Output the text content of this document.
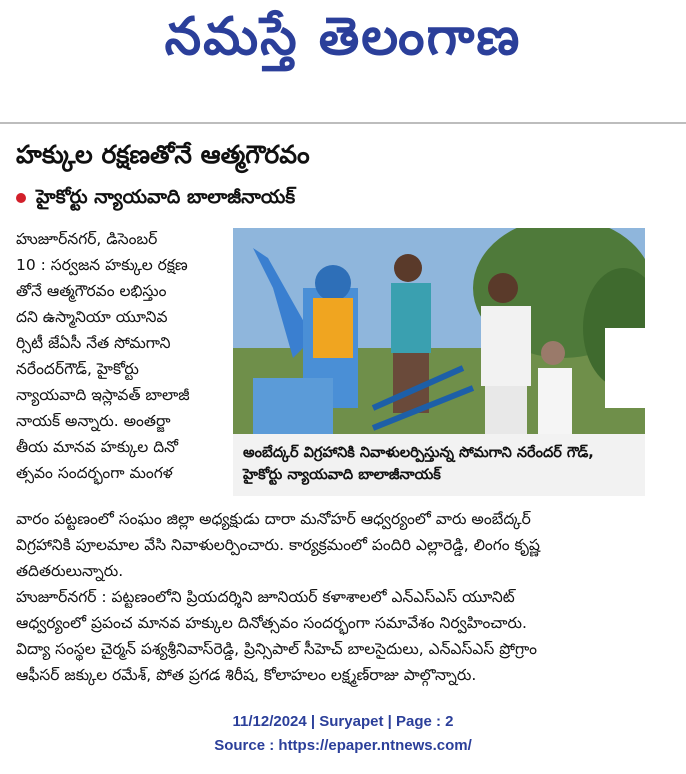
నమస్తే తెలంగాణ
హక్కుల రక్షణతోనే ఆత్మగౌరవం
హైకోర్టు న్యాయవాది బాలాజీనాయక్
హుజూర్‌నగర్, డిసెంబర్
10 : సర్వజన హక్కుల రక్షణ
తోనే ఆత్మగౌరవం లభిస్తుం
దని ఉస్మానియా యూనివ
ర్సిటీ జేఏసీ నేత సోమగాని
నరేందర్‌గౌడ్, హైకోర్టు
న్యాయవాది ఇస్లావత్ బాలాజీ
నాయక్ అన్నారు. అంతర్జా
తీయ మానవ హక్కుల దినో
త్సవం సందర్భంగా మంగళ
అంబేద్కర్ విగ్రహానికి నివాళులర్పిస్తున్న సోమగాని నరేందర్ గౌడ్, హైకోర్టు న్యాయవాది బాలాజీనాయక్
వారం పట్టణంలో సంఘం జిల్లా అధ్యక్షుడు దారా మనోహర్ ఆధ్వర్యంలో వారు అంబేద్కర్
విగ్రహానికి పూలమాల వేసి నివాళులర్పించారు. కార్యక్రమంలో పందిరి ఎల్లారెడ్డి, లింగం కృష్ణ
తదితరులున్నారు.
హుజూర్‌నగర్ : పట్టణంలోని ప్రియదర్శిని జూనియర్ కళాశాలలో ఎన్ఎస్ఎస్ యూనిట్
ఆధ్వర్యంలో ప్రపంచ మానవ హక్కుల దినోత్సవం సందర్భంగా సమావేశం నిర్వహించారు.
విద్యా సంస్థల చైర్మన్ పశ్యశ్రీనివాస్‌రెడ్డి, ప్రిన్సిపాల్ సీహెచ్ బాలసైదులు, ఎన్ఎస్ఎస్ ప్రోగ్రాం
ఆఫీసర్ జక్కుల రమేశ్, పోత ప్రగడ శిరీష, కోలాహలం లక్ష్మణ్‌రాజు పాల్గొన్నారు.
11/12/2024 | Suryapet | Page : 2
Source : https://epaper.ntnews.com/
